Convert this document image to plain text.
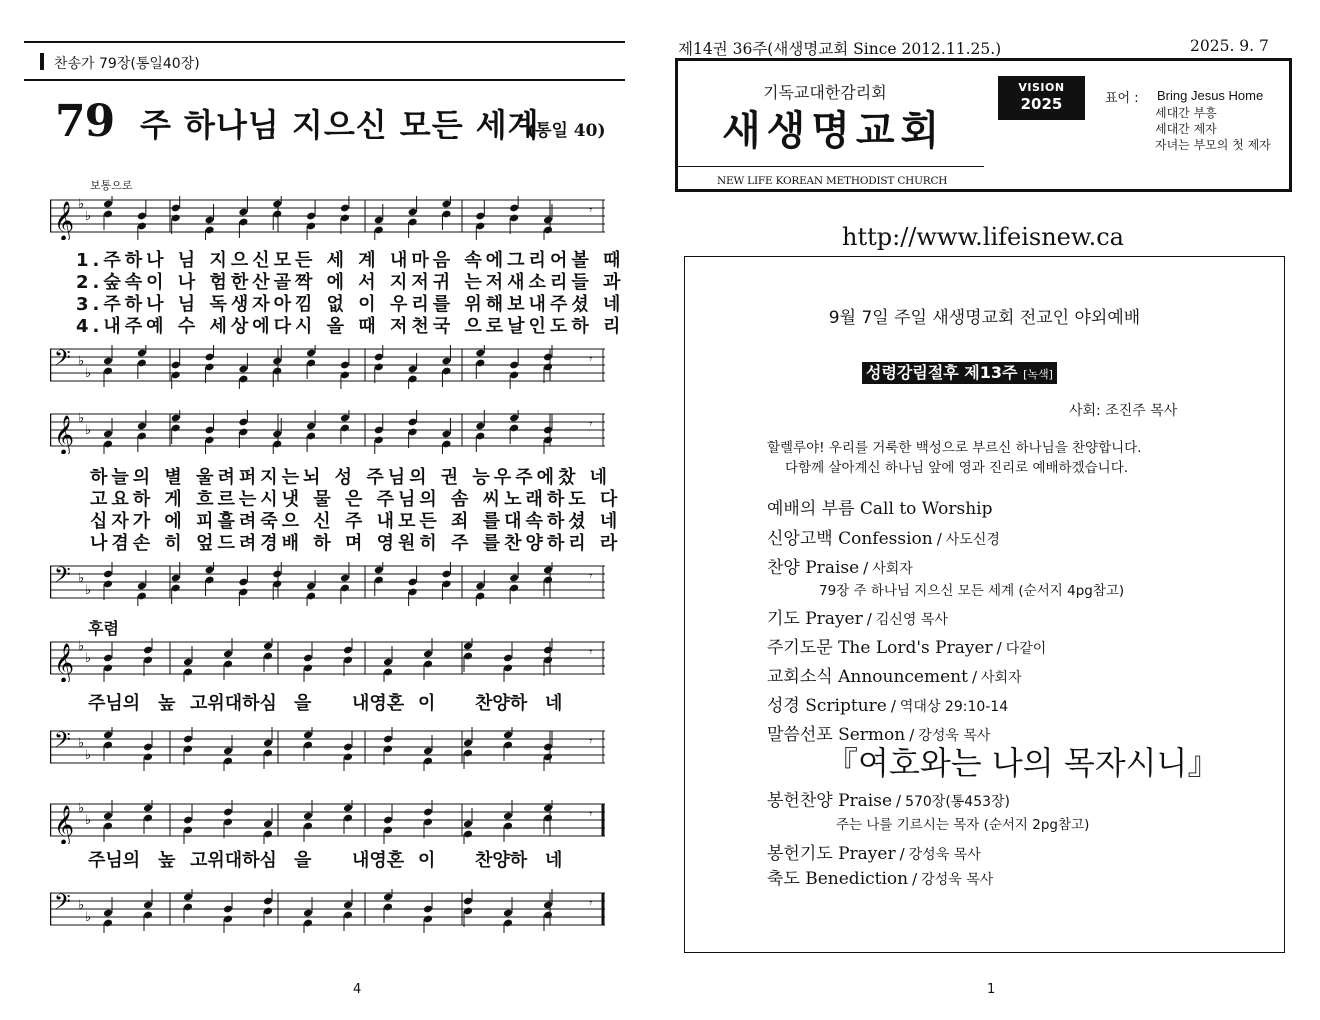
찬송가 79장(통일40장)
79 주 하나님 지으신 모든 세계
(통일 40)
보통으로
후렴
𝄞 ♭
♭	𝄾
𝄢 ♭
♭
𝄾
𝄞 ♭
♭	𝄾
𝄢 ♭
♭
𝄾
𝄞 ♭
♭	𝄾
𝄢 ♭
♭
𝄾
𝄞 ♭
♭	𝄾
𝄢 ♭
♭
𝄾
1.주하나 님 지으신모든 세 계 내마음 속에그리어볼 때
2.숲속이 나 험한산골짝 에 서 지저귀 는저새소리들 과
3.주하나 님 독생자아낌 없 이 우리를 위해보내주셨 네
4.내주예 수 세상에다시 올 때 저천국 으로날인도하 리
하늘의 별 울려퍼지는뇌 성 주님의 권 능우주에찼 네
고요하 게 흐르는시냇 물 은 주님의 솜 씨노래하도 다
십자가 에 피흘려죽으 신 주 내모든 죄 를대속하셨 네
나겸손 히 엎드려경배 하 며 영원히 주 를찬양하리 라
주님의 높 고위대하심 을 내영혼 이 찬양하 네
주님의 높 고위대하심 을 내영혼 이 찬양하 네
4
제14권 36주(새생명교회 Since 2012.11.25.)	2025. 9. 7
기독교대한감리회
새생명교회
NEW LIFE KOREAN METHODIST CHURCH
VISION
2025	표어 : Bring Jesus Home
세대간 부흥
세대간 제자
자녀는 부모의 첫 제자
http://www.lifeisnew.ca
9월 7일 주일 새생명교회 전교인 야외예배
성령강림절후 제13주 [녹색]
사회: 조진주 목사
할렐루야! 우리를 거룩한 백성으로 부르신 하나님을 찬양합니다.
다함께 살아계신 하나님 앞에 영과 진리로 예배하겠습니다.
예배의 부름 Call to Worship
신앙고백 Confession / 사도신경
찬양 Praise / 사회자
79장 주 하나님 지으신 모든 세계 (순서지 4pg참고)
기도 Prayer / 김신영 목사
주기도문 The Lord's Prayer / 다같이
교회소식 Announcement / 사회자
성경 Scripture / 역대상 29:10-14
말씀선포 Sermon / 강성욱 목사
『여호와는 나의 목자시니』
봉헌찬양 Praise / 570장(통453장)
주는 나를 기르시는 목자 (순서지 2pg참고)
봉헌기도 Prayer / 강성욱 목사
축도 Benediction / 강성욱 목사
1
